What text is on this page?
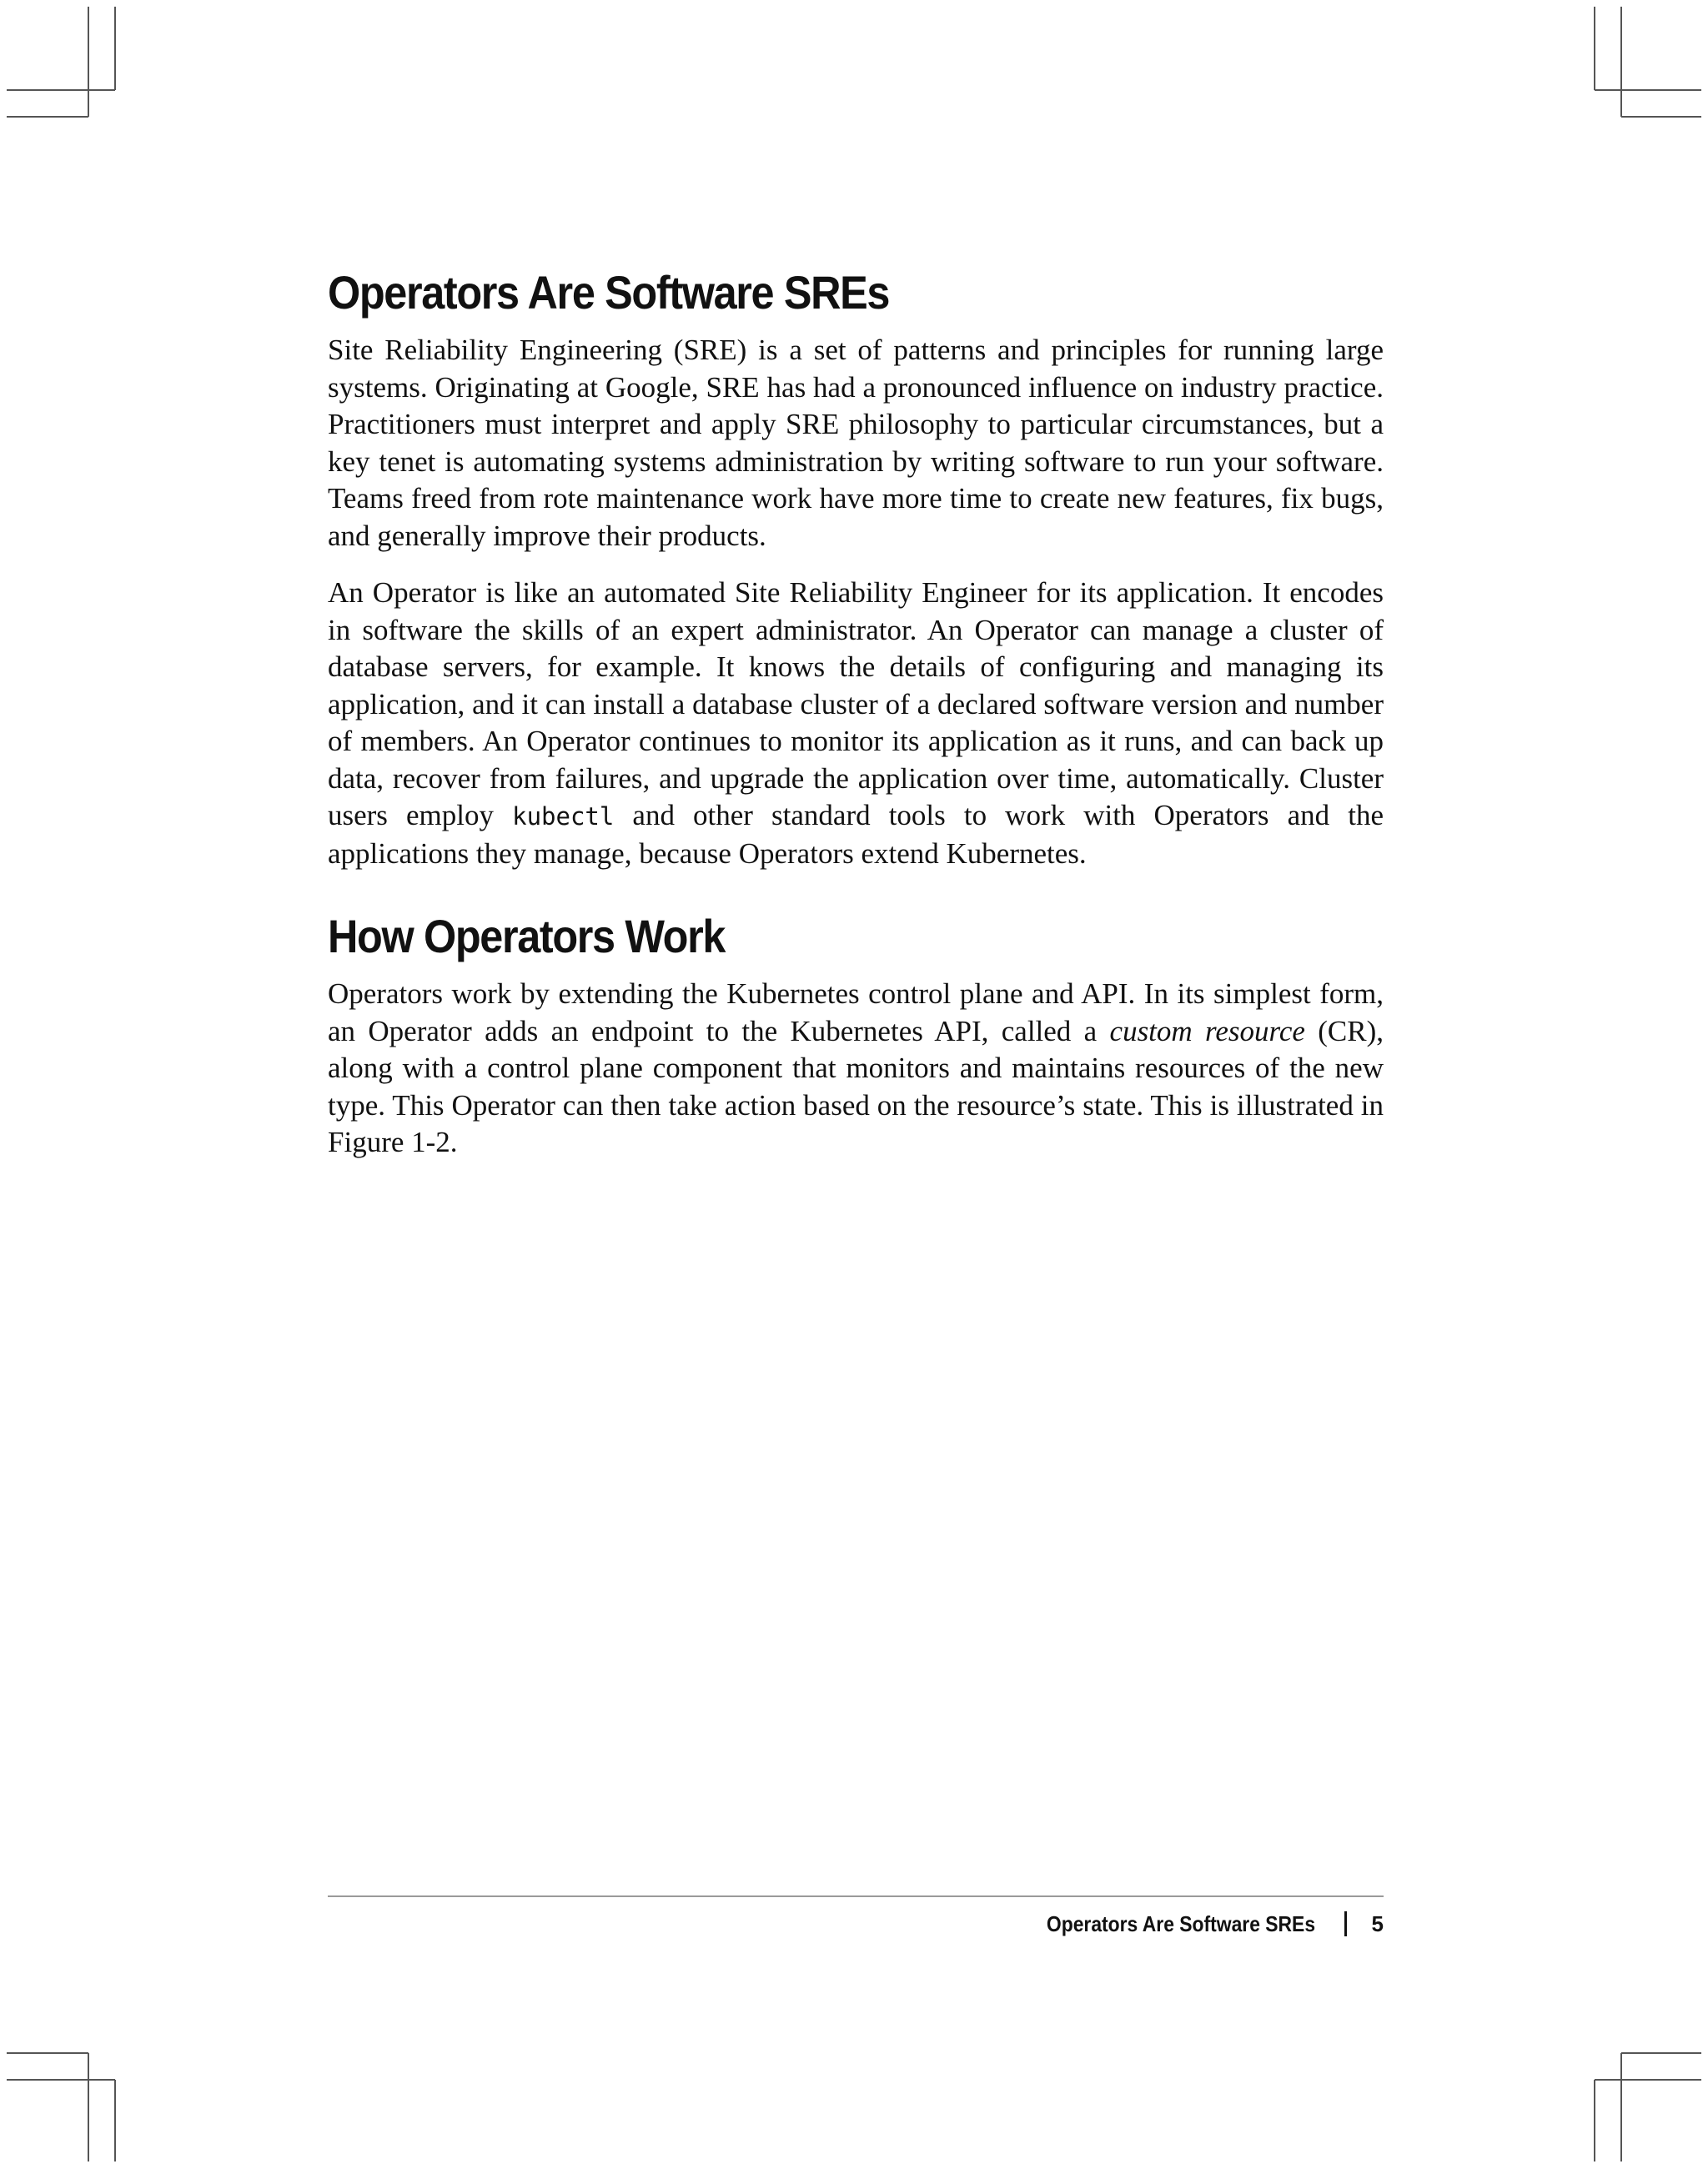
Operators Are Software SREs

Site Reliability Engineering (SRE) is a set of patterns and principles for running large systems. Originating at Google, SRE has had a pronounced influence on industry practice. Practitioners must interpret and apply SRE philosophy to particular circumstances, but a key tenet is automating systems administration by writing software to run your software. Teams freed from rote maintenance work have more time to create new features, fix bugs, and generally improve their products.

An Operator is like an automated Site Reliability Engineer for its application. It encodes in software the skills of an expert administrator. An Operator can manage a cluster of database servers, for example. It knows the details of configuring and managing its application, and it can install a database cluster of a declared software version and number of members. An Operator continues to monitor its application as it runs, and can back up data, recover from failures, and upgrade the application over time, automatically. Cluster users employ kubectl and other standard tools to work with Operators and the applications they manage, because Operators extend Kubernetes.

How Operators Work

Operators work by extending the Kubernetes control plane and API. In its simplest form, an Operator adds an endpoint to the Kubernetes API, called a custom resource (CR), along with a control plane component that monitors and maintains resources of the new type. This Operator can then take action based on the resource’s state. This is illustrated in Figure 1-2.

Operators Are Software SREs	5
